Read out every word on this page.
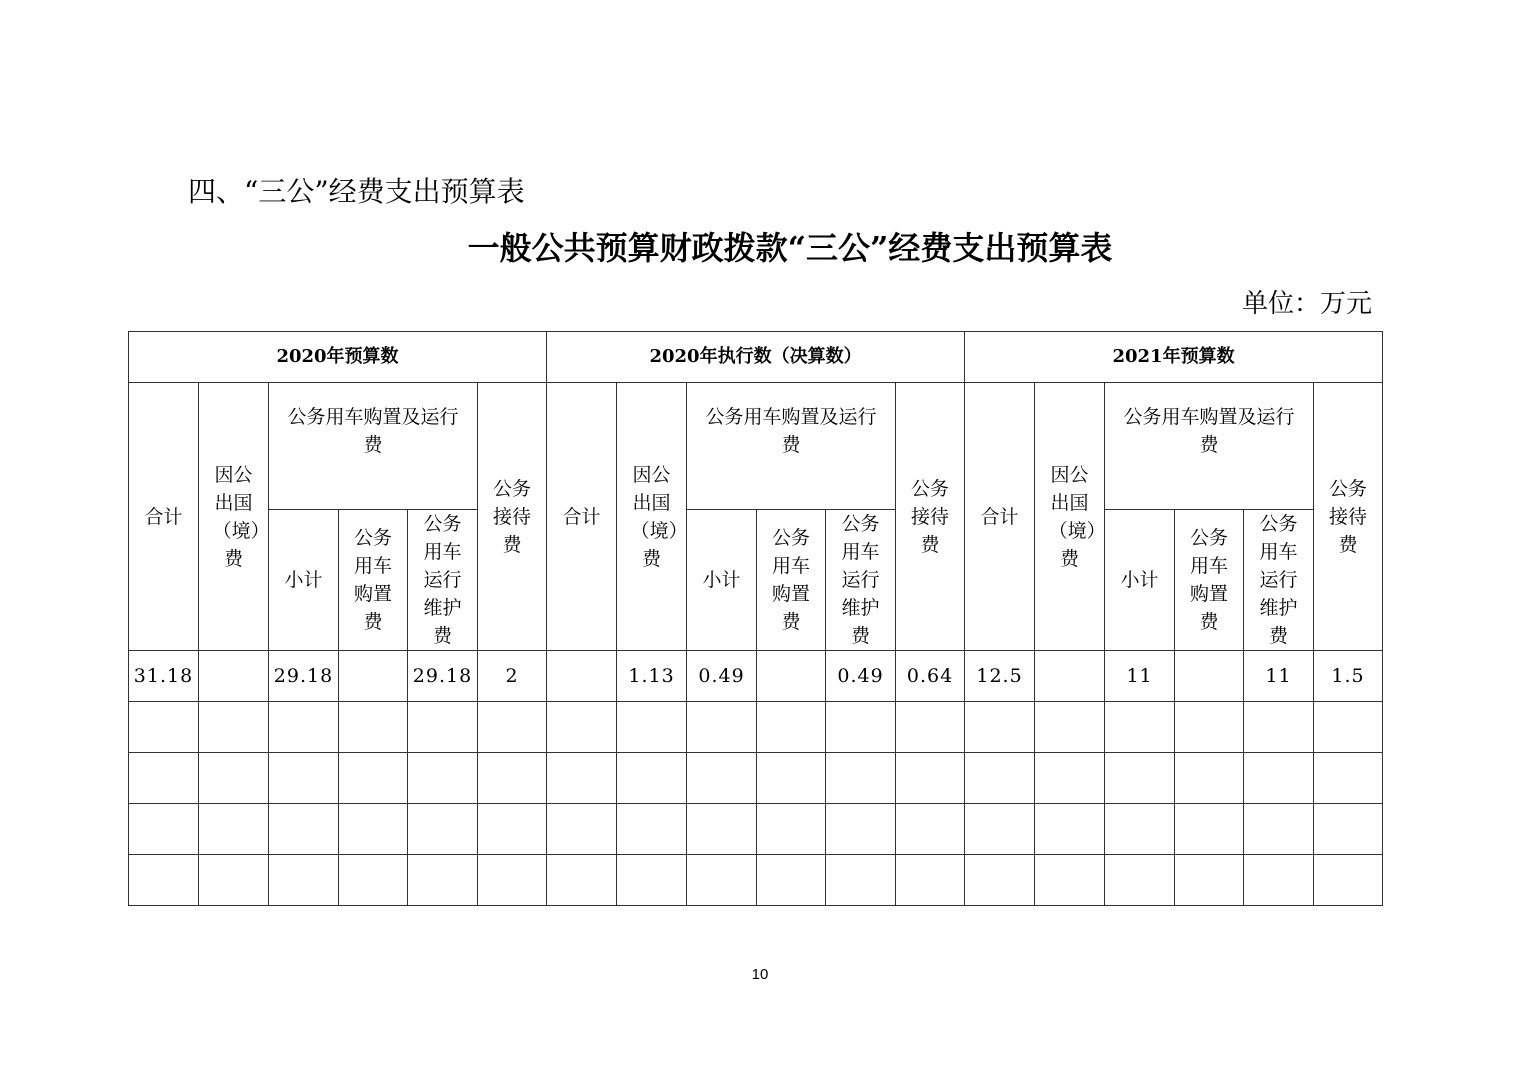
四、“三公”经费支出预算表
一般公共预算财政拨款“三公”经费支出预算表
单位：万元
2020年预算数						2020年执行数（决算数）						2021年预算数					
合计	因公出国（境）费	公务用车购置及运行费			公务接待费	合计	因公出国（境）费	公务用车购置及运行费			公务接待费	合计	因公出国（境）费	公务用车购置及运行费			公务接待费
		小计	公务用车购置费	公务用车运行维护费				小计	公务用车购置费	公务用车运行维护费				小计	公务用车购置费	公务用车运行维护费	
31.18		29.18		29.18	2		1.13	0.49		0.49	0.64	12.5		11		11	1.5

10
